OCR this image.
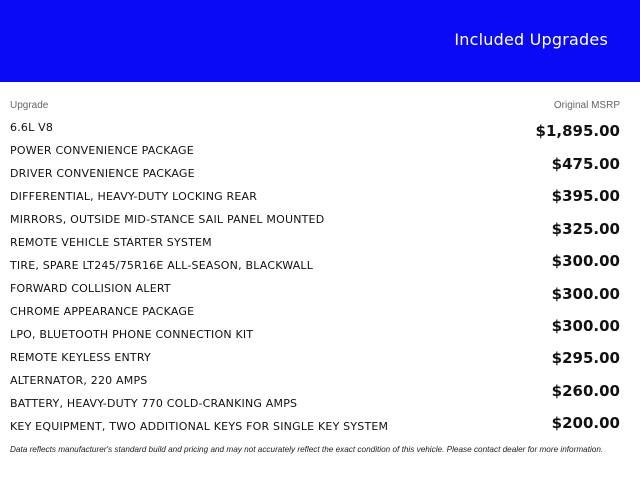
Included Upgrades
Upgrade	Original MSRP
6.6L V8
POWER CONVENIENCE PACKAGE
DRIVER CONVENIENCE PACKAGE
DIFFERENTIAL, HEAVY-DUTY LOCKING REAR
MIRRORS, OUTSIDE MID-STANCE SAIL PANEL MOUNTED
REMOTE VEHICLE STARTER SYSTEM
TIRE, SPARE LT245/75R16E ALL-SEASON, BLACKWALL
FORWARD COLLISION ALERT
CHROME APPEARANCE PACKAGE
LPO, BLUETOOTH PHONE CONNECTION KIT
REMOTE KEYLESS ENTRY
ALTERNATOR, 220 AMPS
BATTERY, HEAVY-DUTY 770 COLD-CRANKING AMPS
KEY EQUIPMENT, TWO ADDITIONAL KEYS FOR SINGLE KEY SYSTEM
$1,895.00
$475.00
$395.00
$325.00
$300.00
$300.00
$300.00
$295.00
$260.00
$200.00
Data reflects manufacturer's standard build and pricing and may not accurately reflect the exact condition of this vehicle. Please contact dealer for more information.
